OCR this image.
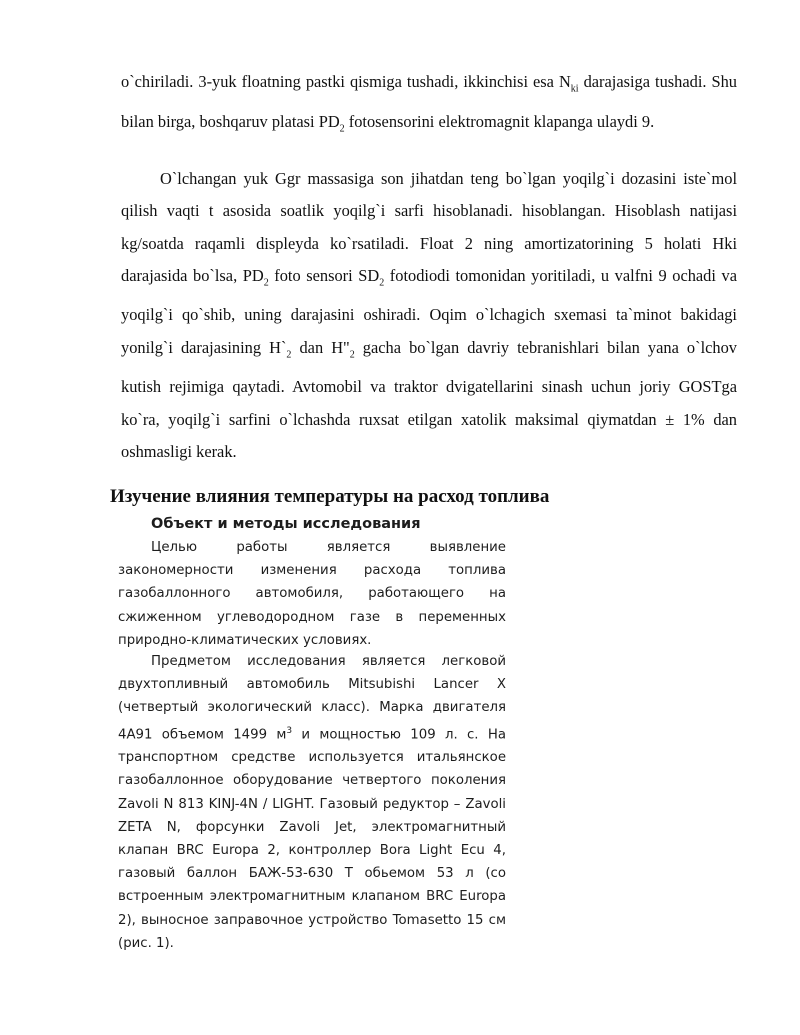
o`chiriladi. 3-yuk floatning pastki qismiga tushadi, ikkinchisi esa $N_{ki}$ darajasiga tushadi. Shu bilan birga, boshqaruv platasi $PD_2$ fotosensorini elektromagnit klapanga ulaydi 9.

O`lchangan yuk Ggr massasiga son jihatdan teng bo`lgan yoqilg`i dozasini iste`mol qilish vaqti t asosida soatlik yoqilg`i sarfi hisoblanadi. hisoblangan. Hisoblash natijasi kg/soatda raqamli displeyda ko`rsatiladi. Float 2 ning amortizatorining 5 holati Hki darajasida bo`lsa, $PD_2$ foto sensori $SD_2$ fotodiodi tomonidan yoritiladi, u valfni 9 ochadi va yoqilg`i qo`shib, uning darajasini oshiradi. Oqim o`lchagich sxemasi ta`minot bakidagi yonilg`i darajasining $H`_2$ dan $H"_2$ gacha bo`lgan davriy tebranishlari bilan yana o`lchov kutish rejimiga qaytadi. Avtomobil va traktor dvigatellarini sinash uchun joriy GOSTga ko`ra, yoqilg`i sarfini o`lchashda ruxsat etilgan xatolik maksimal qiymatdan ± 1% dan oshmasligi kerak.

Изучение влияния температуры на расход топлива
Объект и методы исследования

Целью работы является выявление закономерности изменения расхода топлива газобаллонного автомобиля, работающего на сжиженном углеводородном газе в переменных природно-климатических условиях.

Предметом исследования является легковой двухтопливный автомобиль Mitsubishi Lancer X (четвертый экологический класс). Марка двигателя 4A91 объемом 1499 $м^3$ и мощностью 109 л. с. На транспортном средстве используется итальянское газобаллонное оборудование четвертого поколения Zavoli N 813 KINJ-4N / LIGHT. Газовый редуктор – Zavoli ZETA N, форсунки Zavoli Jet, электромагнитный клапан BRC Europa 2, контроллер Bora Light Ecu 4, газовый баллон БАЖ-53-630 Т обьемом 53 л (со встроенным электромагнитным клапаном BRC Europa 2), выносное заправочное устройство Tomasetto 15 см (рис. 1).
